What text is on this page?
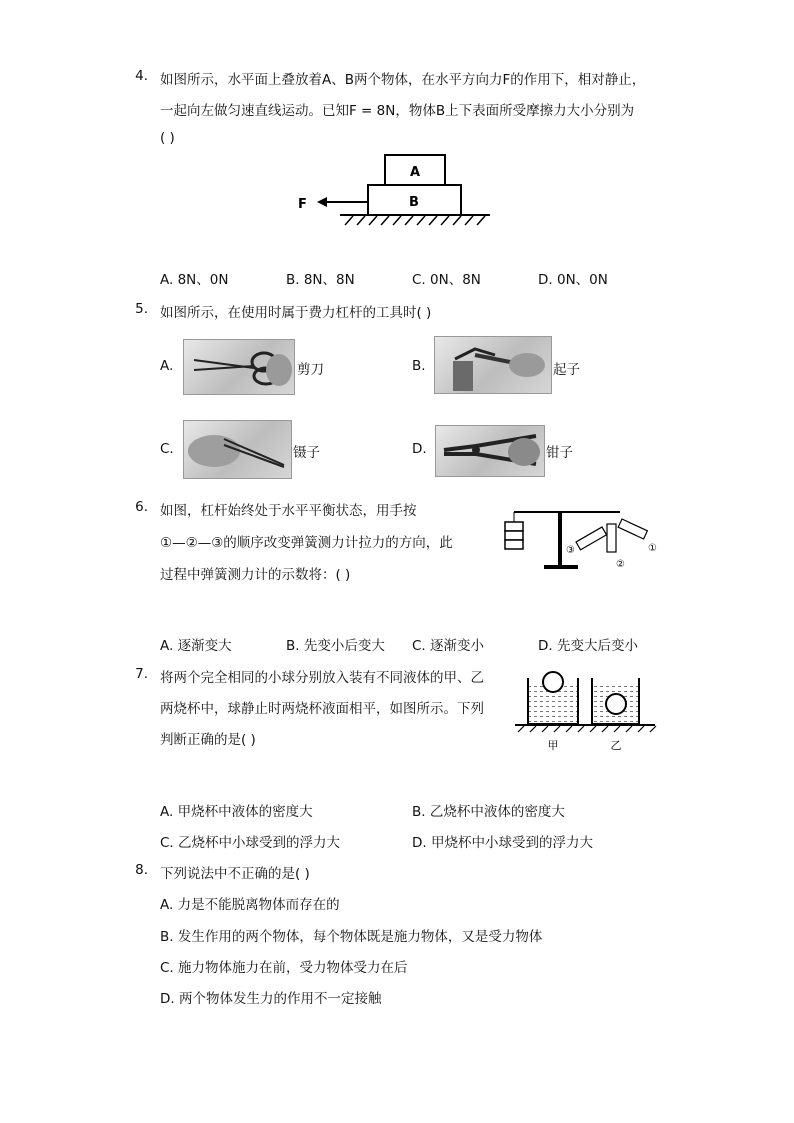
4. 如图所示，水平面上叠放着A、B两个物体，在水平方向力F的作用下，相对静止，
一起向左做匀速直线运动。已知F = 8N，物体B上下表面所受摩擦力大小分别为
( )
A
B
F
A. 8N、0N	B. 8N、8N	C. 0N、8N	D. 0N、0N
5. 如图所示，在使用时属于费力杠杆的工具时( )
A.	剪刀	B.	起子
C.	镊子	D.	钳子
6. 如图，杠杆始终处于水平平衡状态，用手按
①—②—③的顺序改变弹簧测力计拉力的方向，此
过程中弹簧测力计的示数将：( )
①
②
③
A. 逐渐变大	B. 先变小后变大 C. 逐渐变小	D. 先变大后变小
7. 将两个完全相同的小球分别放入装有不同液体的甲、乙
两烧杯中，球静止时两烧杯液面相平，如图所示。下列
判断正确的是( )	甲	乙
A. 甲烧杯中液体的密度大	B. 乙烧杯中液体的密度大
C. 乙烧杯中小球受到的浮力大	D. 甲烧杯中小球受到的浮力大
8. 下列说法中不正确的是( )
A. 力是不能脱离物体而存在的
B. 发生作用的两个物体，每个物体既是施力物体，又是受力物体
C. 施力物体施力在前，受力物体受力在后
D. 两个物体发生力的作用不一定接触
